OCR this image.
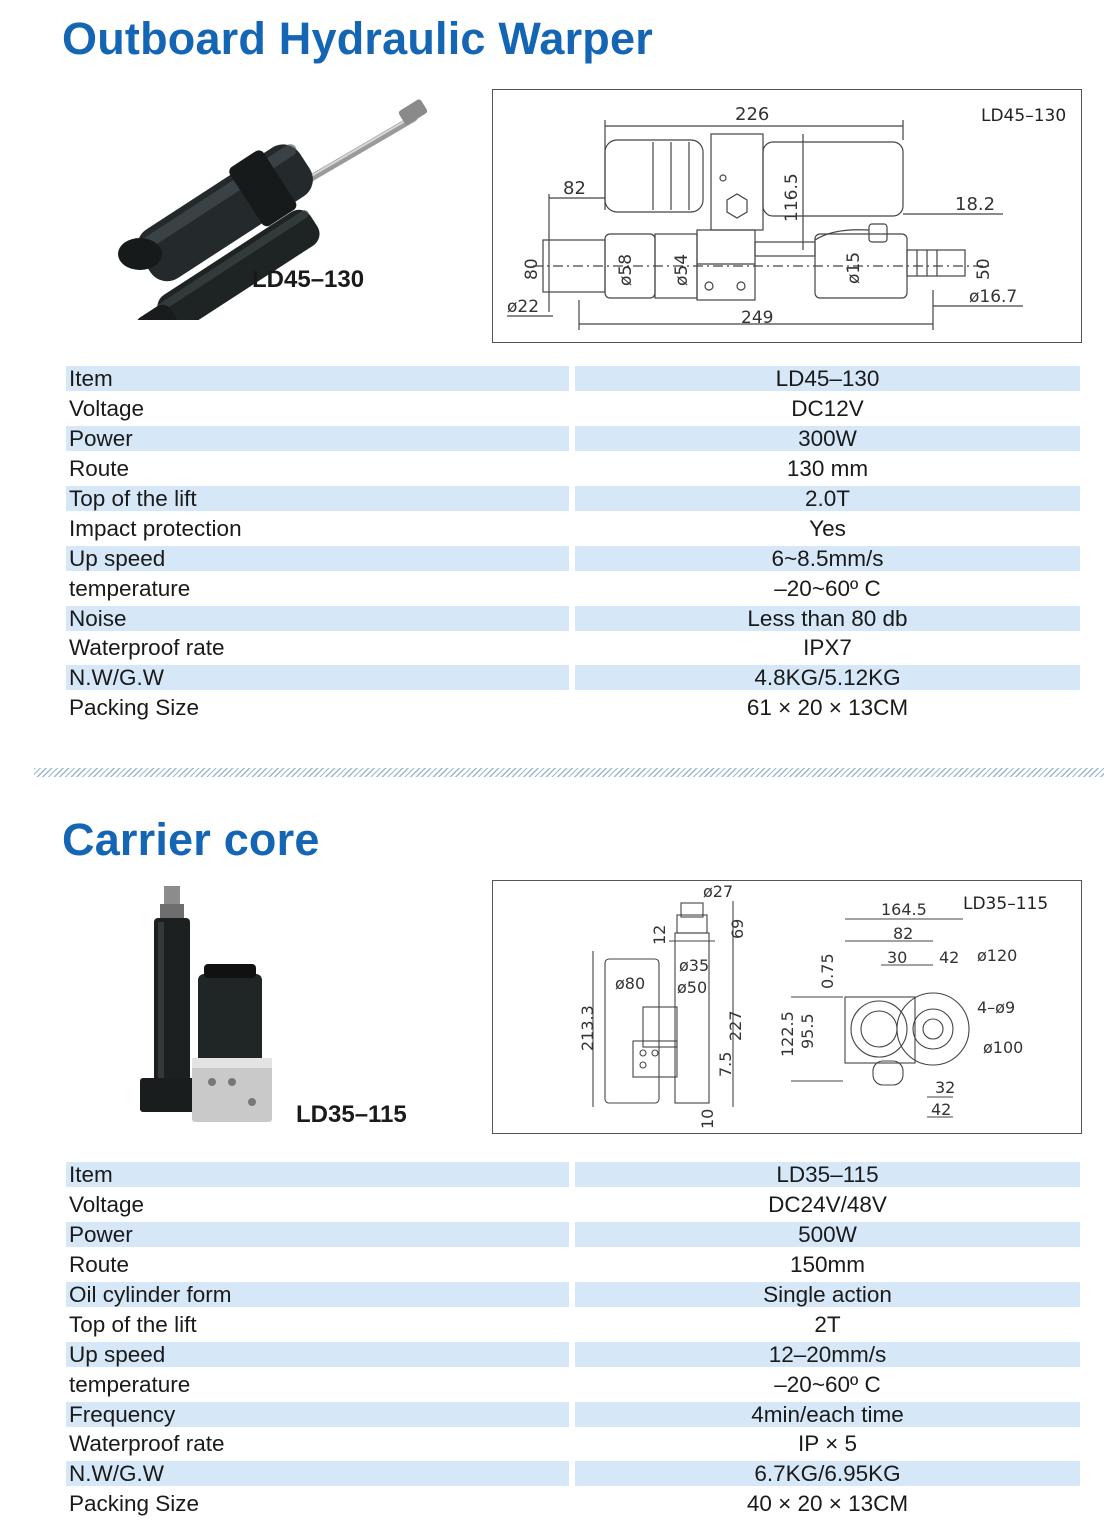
Outboard Hydraulic Warper
LD45–130
LD45–130
226
116.5
82
18.2
80	ø58 ø54	ø15	50
ø22
249
ø16.7
Item	LD45–130
Voltage	DC12V
Power	300W
Route	130 mm
Top of the lift	2.0T
Impact protection	Yes
Up speed	6~8.5mm/s
temperature	–20~60º C
Noise	Less than 80 db
Waterproof rate	IPX7
N.W/G.W	4.8KG/5.12KG
Packing Size	61 × 20 × 13CM
Carrier core
LD35–115
LD35–115
ø27
69
12
ø80
ø35
ø50
213.3	227
7.5
10
164.5
82
30 42 ø120
0.75
4–ø9
122.5 95.5	ø100
32
42
Item	LD35–115
Voltage	DC24V/48V
Power	500W
Route	150mm
Oil cylinder form	Single action
Top of the lift	2T
Up speed	12–20mm/s
temperature	–20~60º C
Frequency	4min/each time
Waterproof rate	IP × 5
N.W/G.W	6.7KG/6.95KG
Packing Size	40 × 20 × 13CM
